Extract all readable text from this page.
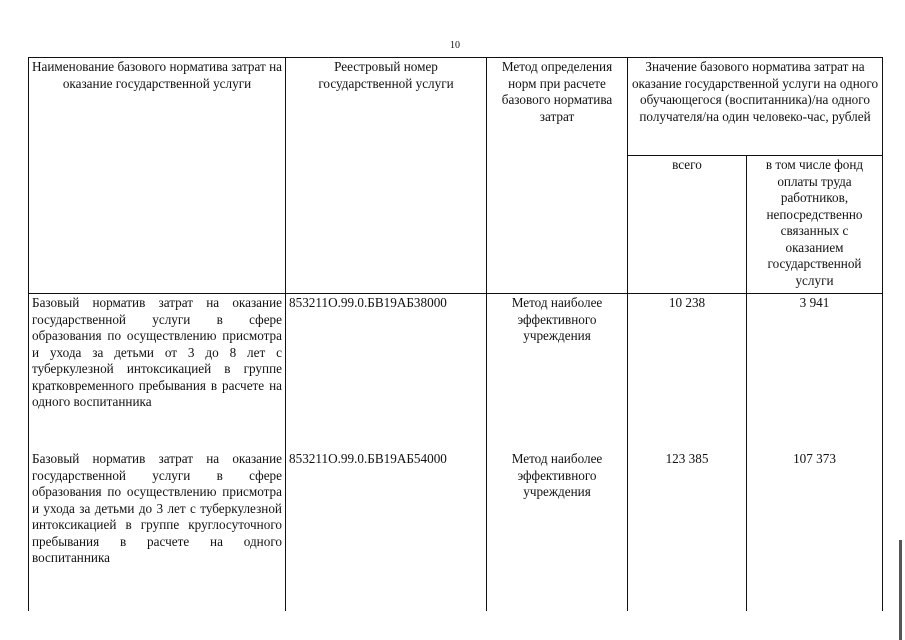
10
Наименование базового норматива затрат на оказание государственной услуги	Реестровый номер государственной услуги	Метод определения норм при расчете базового норматива затрат	Значение базового норматива затрат на оказание государственной услуги на одного обучающегося (воспитанника)/на одного получателя/на один человеко-час, рублей	
			всего	в том числе фонд оплаты труда работников, непосредственно связанных с оказанием государственной услуги
Базовый норматив затрат на оказание государственной услуги в сфере образования по осуществлению присмотра и ухода за детьми от 3 до 8 лет с туберкулезной интоксикацией в группе кратковременного пребывания в расчете на одного воспитанника	853211О.99.0.БВ19АБ38000	Метод наиболее эффективного учреждения	10 238	3 941
Базовый норматив затрат на оказание государственной услуги в сфере образования по осуществлению присмотра и ухода за детьми до 3 лет с туберкулезной интоксикацией в группе круглосуточного пребывания в расчете на одного воспитанника	853211О.99.0.БВ19АБ54000	Метод наиболее эффективного учреждения	123 385	107 373
